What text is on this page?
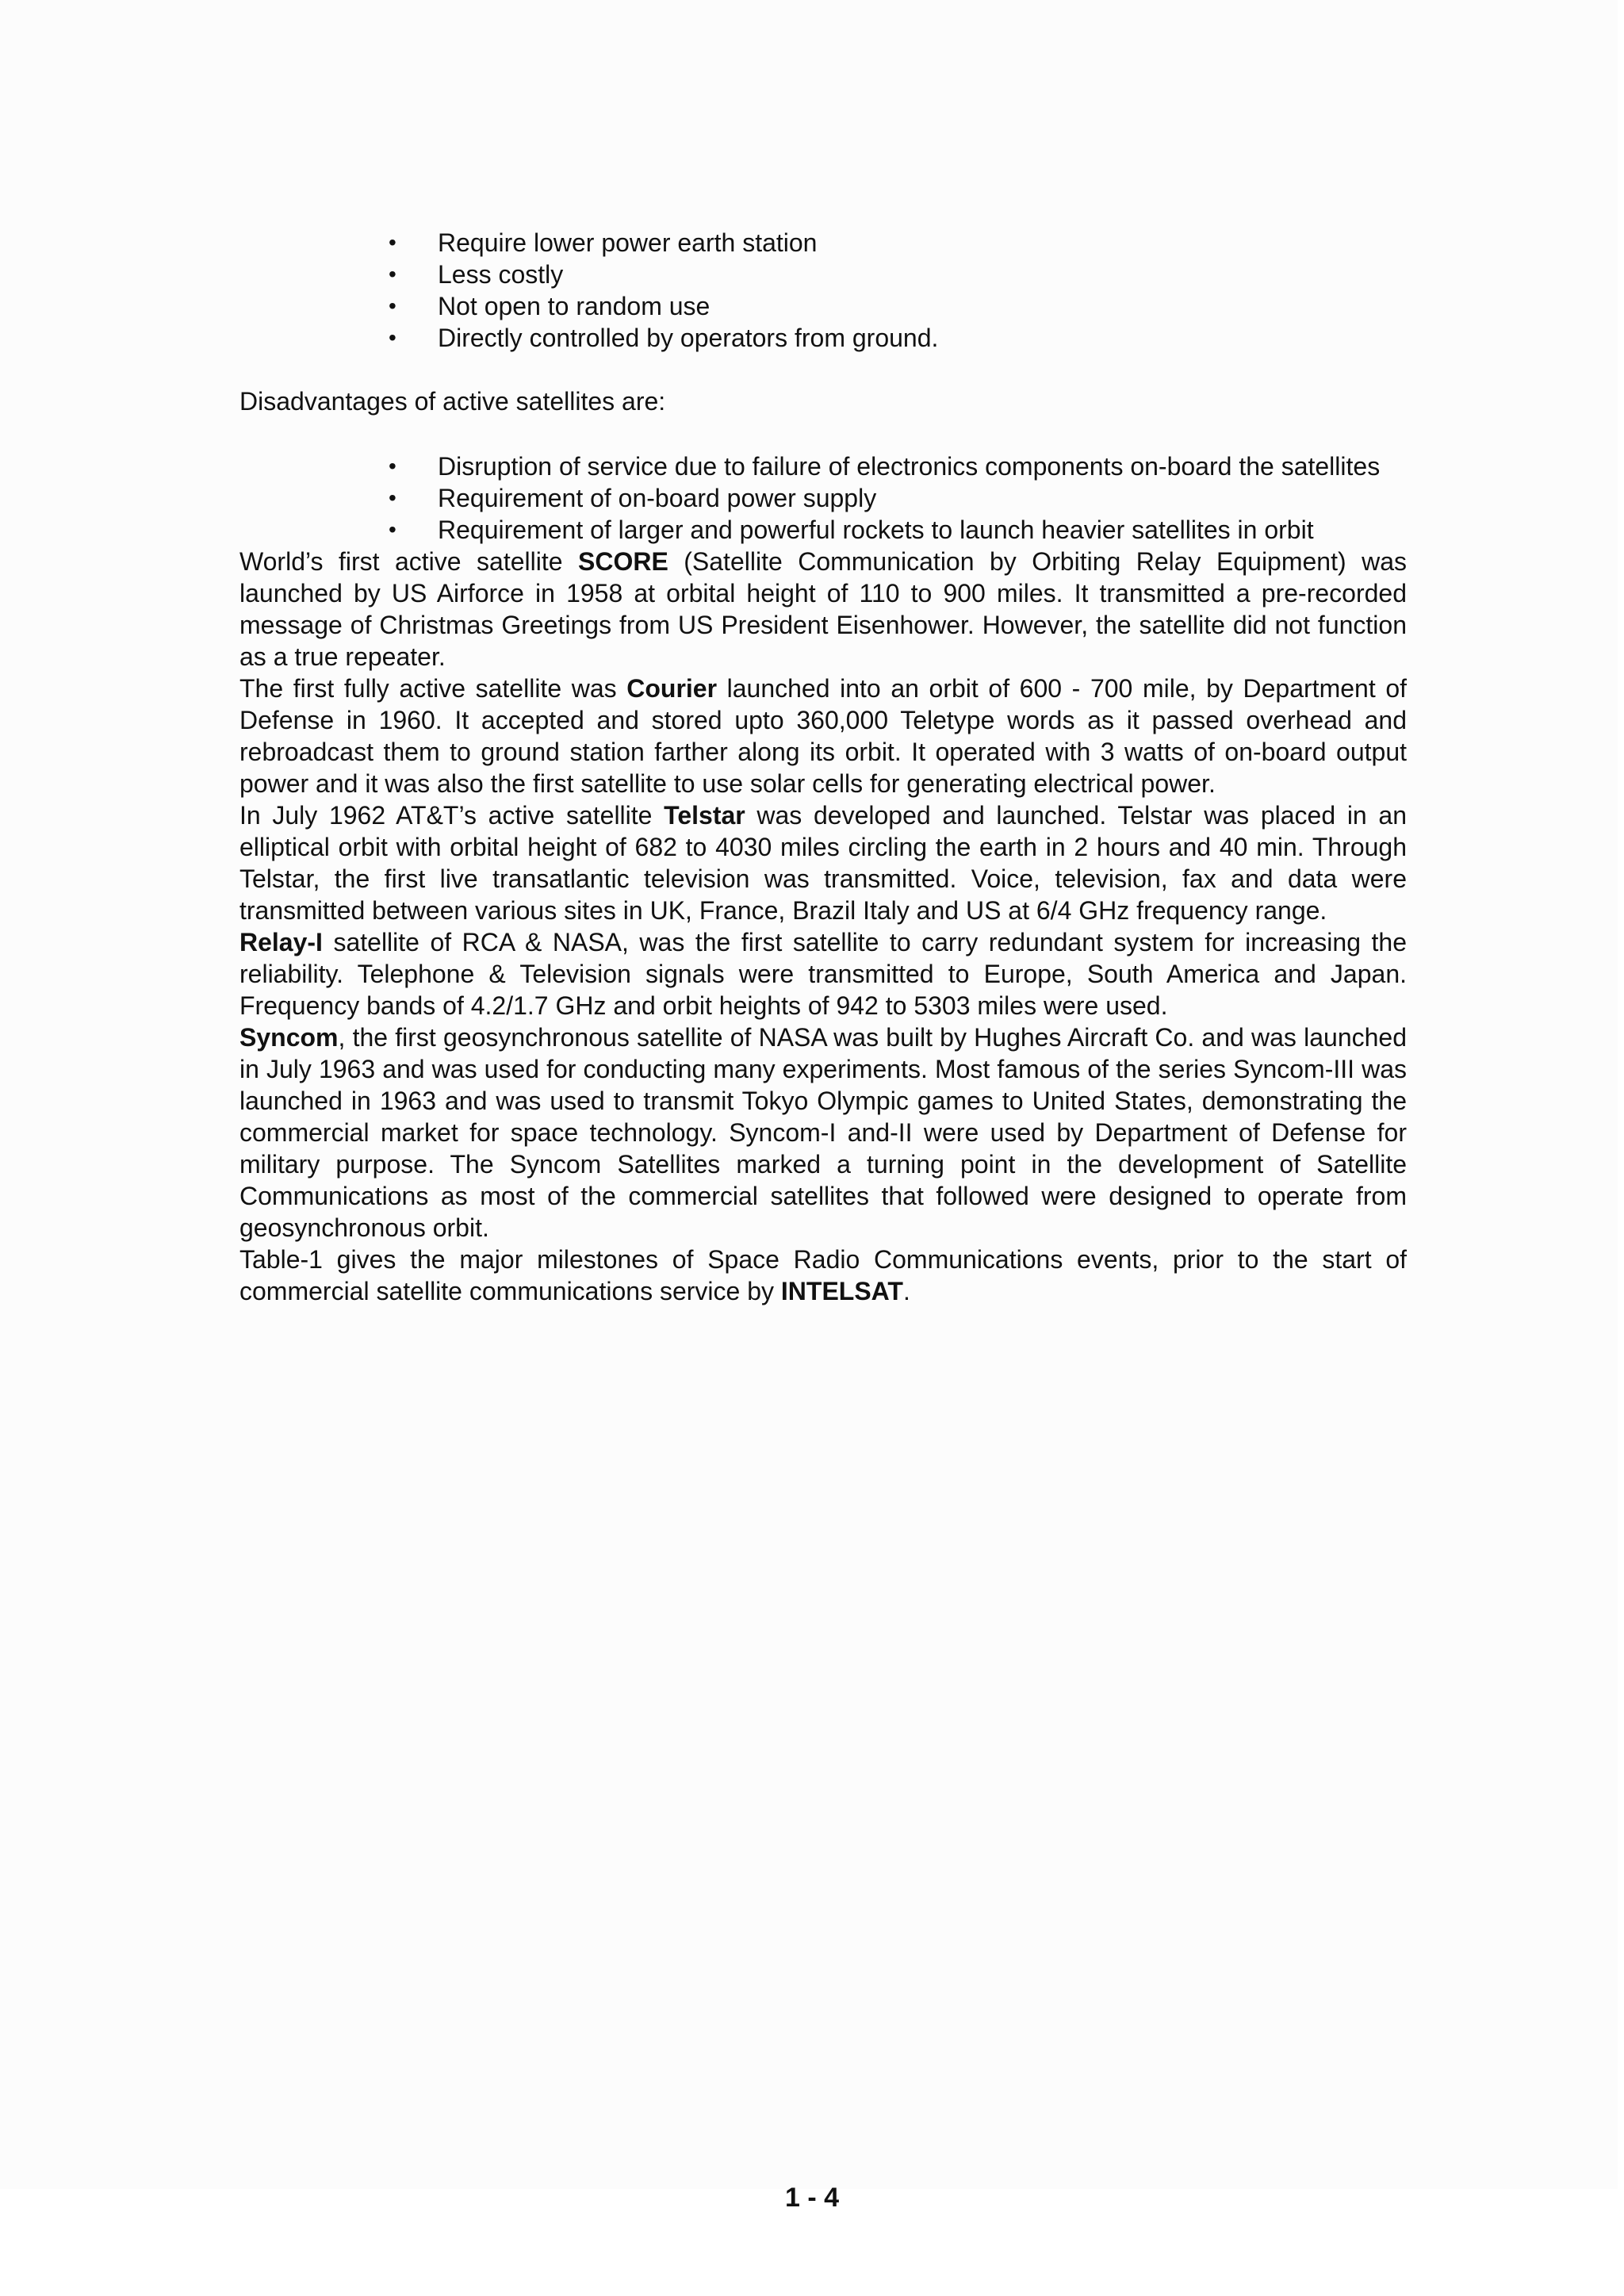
• Require lower power earth station
• Less costly
• Not open to random use
• Directly controlled by operators from ground.

Disadvantages of active satellites are:

• Disruption of service due to failure of electronics components on-board the satellites
• Requirement of on-board power supply
• Requirement of larger and powerful rockets to launch heavier satellites in orbit

World’s first active satellite SCORE (Satellite Communication by Orbiting Relay Equipment) was launched by US Airforce in 1958 at orbital height of 110 to 900 miles. It transmitted a pre-recorded message of Christmas Greetings from US President Eisenhower. However, the satellite did not function as a true repeater.

The first fully active satellite was Courier launched into an orbit of 600 - 700 mile, by Department of Defense in 1960. It accepted and stored upto 360,000 Teletype words as it passed overhead and rebroadcast them to ground station farther along its orbit. It operated with 3 watts of on-board output power and it was also the first satellite to use solar cells for generating electrical power.

In July 1962 AT&T’s active satellite Telstar was developed and launched. Telstar was placed in an elliptical orbit with orbital height of 682 to 4030 miles circling the earth in 2 hours and 40 min. Through Telstar, the first live transatlantic television was transmitted. Voice, television, fax and data were transmitted between various sites in UK, France, Brazil Italy and US at 6/4 GHz frequency range.

Relay-I satellite of RCA & NASA, was the first satellite to carry redundant system for increasing the reliability. Telephone & Television signals were transmitted to Europe, South America and Japan. Frequency bands of 4.2/1.7 GHz and orbit heights of 942 to 5303 miles were used.

Syncom, the first geosynchronous satellite of NASA was built by Hughes Aircraft Co. and was launched in July 1963 and was used for conducting many experiments. Most famous of the series Syncom-III was launched in 1963 and was used to transmit Tokyo Olympic games to United States, demonstrating the commercial market for space technology. Syncom-I and-II were used by Department of Defense for military purpose. The Syncom Satellites marked a turning point in the development of Satellite Communications as most of the commercial satellites that followed were designed to operate from geosynchronous orbit.

Table-1 gives the major milestones of Space Radio Communications events, prior to the start of commercial satellite communications service by INTELSAT.

1 - 4
